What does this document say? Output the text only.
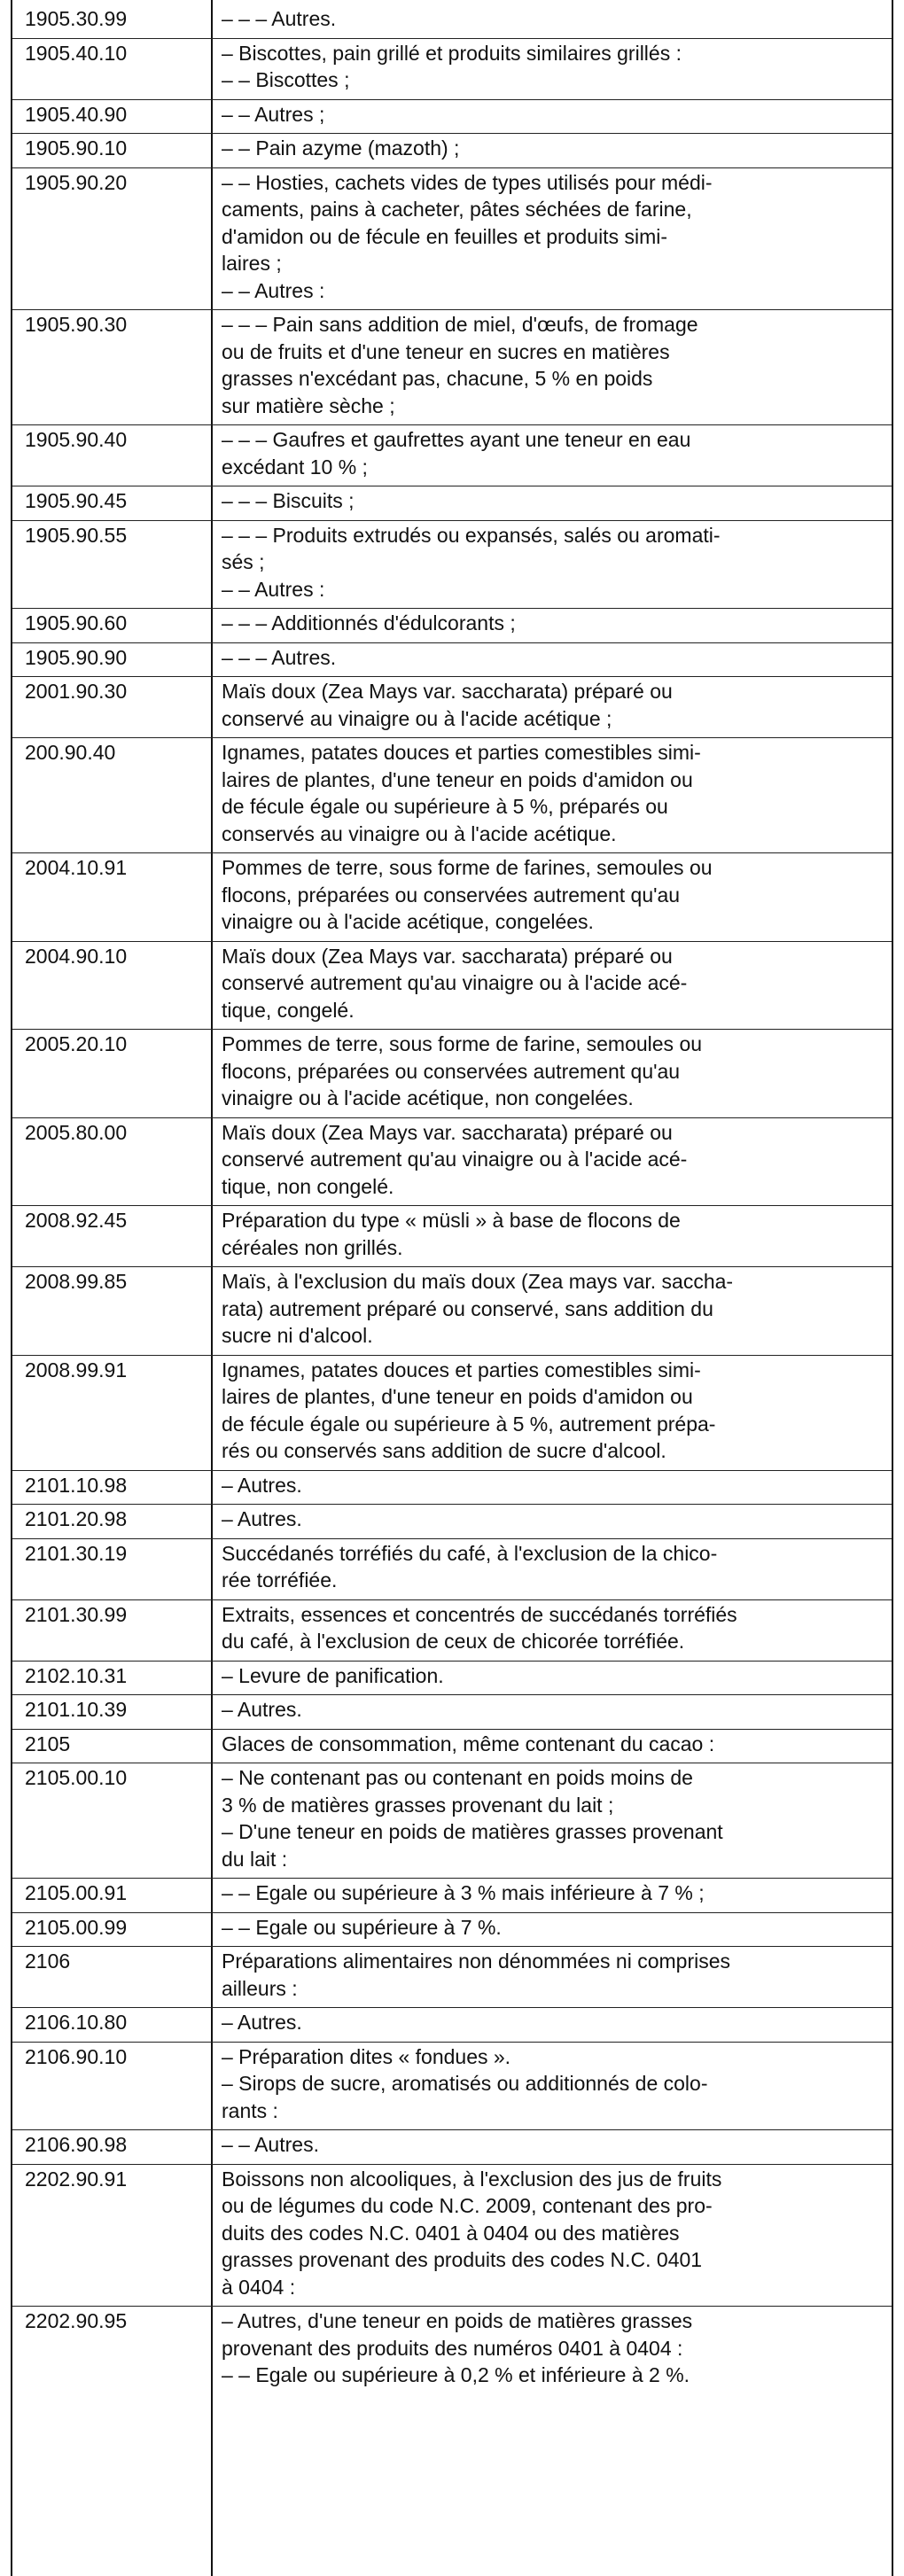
1905.30.99	– – – Autres.
1905.40.10	– Biscottes, pain grillé et produits similaires grillés :
– – Biscottes ;
1905.40.90	– – Autres ;
1905.90.10	– – Pain azyme (mazoth) ;
1905.90.20	– – Hosties, cachets vides de types utilisés pour médi-
caments, pains à cacheter, pâtes séchées de farine,
d'amidon ou de fécule en feuilles et produits simi-
laires ;
– – Autres :
1905.90.30	– – – Pain sans addition de miel, d'œufs, de fromage
ou de fruits et d'une teneur en sucres en matières
grasses n'excédant pas, chacune, 5 % en poids
sur matière sèche ;
1905.90.40	– – – Gaufres et gaufrettes ayant une teneur en eau
excédant 10 % ;
1905.90.45	– – – Biscuits ;
1905.90.55	– – – Produits extrudés ou expansés, salés ou aromati-
sés ;
– – Autres :
1905.90.60	– – – Additionnés d'édulcorants ;
1905.90.90	– – – Autres.
2001.90.30	Maïs doux (Zea Mays var. saccharata) préparé ou
conservé au vinaigre ou à l'acide acétique ;
200.90.40	Ignames, patates douces et parties comestibles simi-
laires de plantes, d'une teneur en poids d'amidon ou
de fécule égale ou supérieure à 5 %, préparés ou
conservés au vinaigre ou à l'acide acétique.
2004.10.91	Pommes de terre, sous forme de farines, semoules ou
flocons, préparées ou conservées autrement qu'au
vinaigre ou à l'acide acétique, congelées.
2004.90.10	Maïs doux (Zea Mays var. saccharata) préparé ou
conservé autrement qu'au vinaigre ou à l'acide acé-
tique, congelé.
2005.20.10	Pommes de terre, sous forme de farine, semoules ou
flocons, préparées ou conservées autrement qu'au
vinaigre ou à l'acide acétique, non congelées.
2005.80.00	Maïs doux (Zea Mays var. saccharata) préparé ou
conservé autrement qu'au vinaigre ou à l'acide acé-
tique, non congelé.
2008.92.45	Préparation du type « müsli » à base de flocons de
céréales non grillés.
2008.99.85	Maïs, à l'exclusion du maïs doux (Zea mays var. saccha-
rata) autrement préparé ou conservé, sans addition du
sucre ni d'alcool.
2008.99.91	Ignames, patates douces et parties comestibles simi-
laires de plantes, d'une teneur en poids d'amidon ou
de fécule égale ou supérieure à 5 %, autrement prépa-
rés ou conservés sans addition de sucre d'alcool.
2101.10.98	– Autres.
2101.20.98	– Autres.
2101.30.19	Succédanés torréfiés du café, à l'exclusion de la chico-
rée torréfiée.
2101.30.99	Extraits, essences et concentrés de succédanés torréfiés
du café, à l'exclusion de ceux de chicorée torréfiée.
2102.10.31	– Levure de panification.
2101.10.39	– Autres.
2105	Glaces de consommation, même contenant du cacao :
2105.00.10	– Ne contenant pas ou contenant en poids moins de
3 % de matières grasses provenant du lait ;
– D'une teneur en poids de matières grasses provenant
du lait :
2105.00.91	– – Egale ou supérieure à 3 % mais inférieure à 7 % ;
2105.00.99	– – Egale ou supérieure à 7 %.
2106	Préparations alimentaires non dénommées ni comprises
ailleurs :
2106.10.80	– Autres.
2106.90.10	– Préparation dites « fondues ».
– Sirops de sucre, aromatisés ou additionnés de colo-
rants :
2106.90.98	– – Autres.
2202.90.91	Boissons non alcooliques, à l'exclusion des jus de fruits
ou de légumes du code N.C. 2009, contenant des pro-
duits des codes N.C. 0401 à 0404 ou des matières
grasses provenant des produits des codes N.C. 0401
à 0404 :
2202.90.95	– Autres, d'une teneur en poids de matières grasses
provenant des produits des numéros 0401 à 0404 :
– – Egale ou supérieure à 0,2 % et inférieure à 2 %.
